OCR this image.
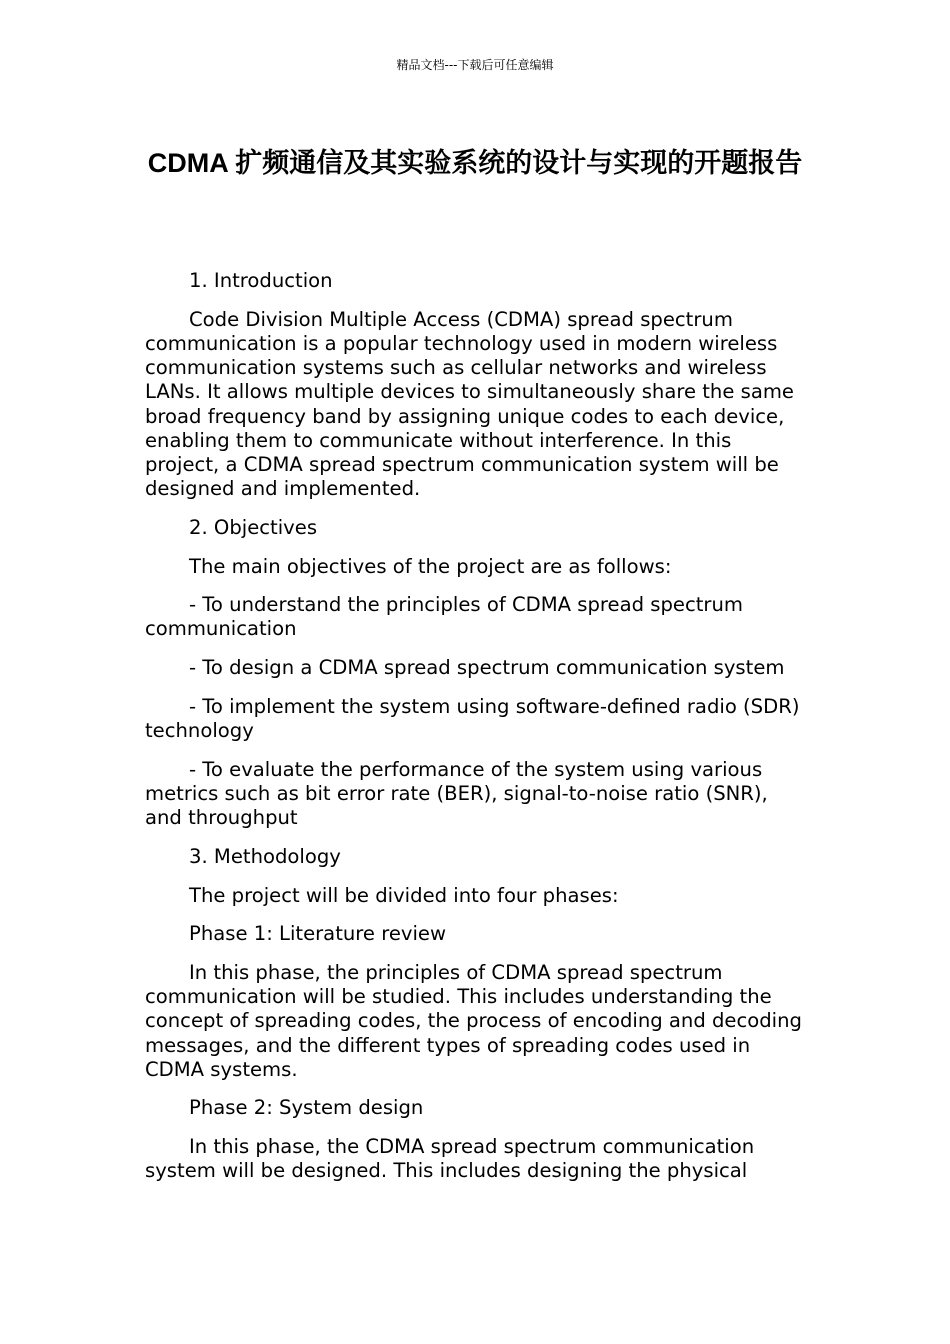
精品文档---下载后可任意编辑
CDMA 扩频通信及其实验系统的设计与实现的开题报告

1. Introduction

Code Division Multiple Access (CDMA) spread spectrum communication is a popular technology used in modern wireless communication systems such as cellular networks and wireless LANs. It allows multiple devices to simultaneously share the same broad frequency band by assigning unique codes to each device, enabling them to communicate without interference. In this project, a CDMA spread spectrum communication system will be designed and implemented.

2. Objectives

The main objectives of the project are as follows:

- To understand the principles of CDMA spread spectrum communication

- To design a CDMA spread spectrum communication system

- To implement the system using software-defined radio (SDR) technology

- To evaluate the performance of the system using various metrics such as bit error rate (BER), signal-to-noise ratio (SNR), and throughput

3. Methodology

The project will be divided into four phases:

Phase 1: Literature review

In this phase, the principles of CDMA spread spectrum communication will be studied. This includes understanding the concept of spreading codes, the process of encoding and decoding messages, and the different types of spreading codes used in CDMA systems.

Phase 2: System design

In this phase, the CDMA spread spectrum communication system will be designed. This includes designing the physical
